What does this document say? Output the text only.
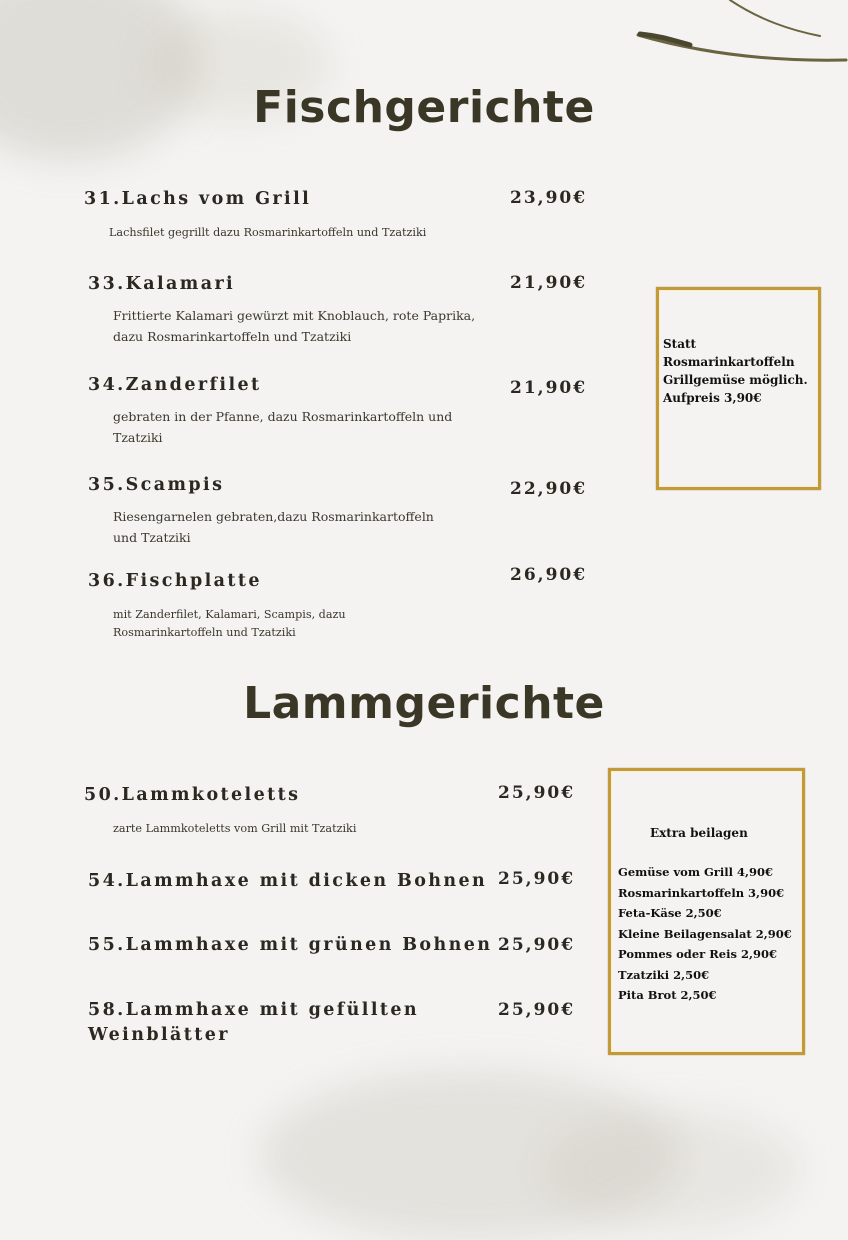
Fischgerichte
31.Lachs vom Grill	23,90€
Lachsfilet gegrillt dazu Rosmarinkartoffeln und Tzatziki
33.Kalamari	21,90€
Frittierte Kalamari gewürzt mit Knoblauch, rote Paprika,
dazu Rosmarinkartoffeln und Tzatziki
34.Zanderfilet	21,90€
gebraten in der Pfanne, dazu Rosmarinkartoffeln und
Tzatziki
35.Scampis	22,90€
Riesengarnelen gebraten,dazu Rosmarinkartoffeln
und Tzatziki
36.Fischplatte	26,90€
mit Zanderfilet, Kalamari, Scampis, dazu
Rosmarinkartoffeln und Tzatziki
Statt
Rosmarinkartoffeln
Grillgemüse möglich.
Aufpreis 3,90€
Lammgerichte
50.Lammkoteletts	25,90€
zarte Lammkoteletts vom Grill mit Tzatziki
54.Lammhaxe mit dicken Bohnen 25,90€
55.Lammhaxe mit grünen Bohnen 25,90€
58.Lammhaxe mit gefüllten
Weinblätter
25,90€
Extra beilagen
Gemüse vom Grill 4,90€
Rosmarinkartoffeln 3,90€
Feta-Käse 2,50€
Kleine Beilagensalat 2,90€
Pommes oder Reis 2,90€
Tzatziki 2,50€
Pita Brot 2,50€
